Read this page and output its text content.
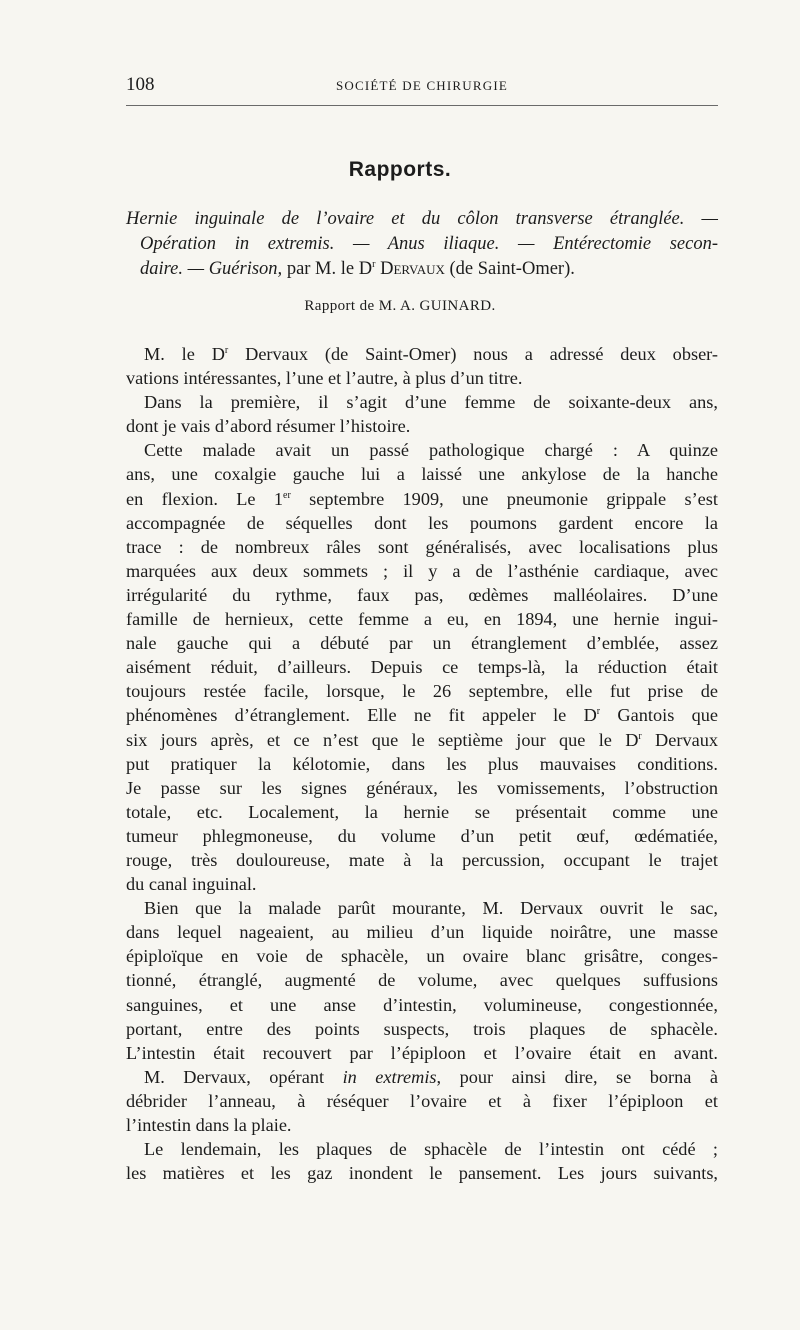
108	SOCIÉTÉ DE CHIRURGIE
Rapports.
Hernie inguinale de l’ovaire et du côlon transverse étranglée. —
Opération in extremis. — Anus iliaque. — Entérectomie secon-
daire. — Guérison, par M. le $D^r$ Dervaux (de Saint-Omer).
Rapport de M. A. GUINARD.
M. le $D^r$ Dervaux (de Saint-Omer) nous a adressé deux obser-
vations intéressantes, l’une et l’autre, à plus d’un titre.
Dans la première, il s’agit d’une femme de soixante-deux ans,
dont je vais d’abord résumer l’histoire.
Cette malade avait un passé pathologique chargé : A quinze
ans, une coxalgie gauche lui a laissé une ankylose de la hanche
en flexion. Le 1er septembre 1909, une pneumonie grippale s’est
accompagnée de séquelles dont les poumons gardent encore la
trace : de nombreux râles sont généralisés, avec localisations plus
marquées aux deux sommets ; il y a de l’asthénie cardiaque, avec
irrégularité du rythme, faux pas, œdèmes malléolaires. D’une
famille de hernieux, cette femme a eu, en 1894, une hernie ingui-
nale gauche qui a débuté par un étranglement d’emblée, assez
aisément réduit, d’ailleurs. Depuis ce temps-là, la réduction était
toujours restée facile, lorsque, le 26 septembre, elle fut prise de
phénomènes d’étranglement. Elle ne fit appeler le $D^r$ Gantois que
six jours après, et ce n’est que le septième jour que le $D^r$ Dervaux
put pratiquer la kélotomie, dans les plus mauvaises conditions.
Je passe sur les signes généraux, les vomissements, l’obstruction
totale, etc. Localement, la hernie se présentait comme une
tumeur phlegmoneuse, du volume d’un petit œuf, œdématiée,
rouge, très douloureuse, mate à la percussion, occupant le trajet
du canal inguinal.
Bien que la malade parût mourante, M. Dervaux ouvrit le sac,
dans lequel nageaient, au milieu d’un liquide noirâtre, une masse
épiploïque en voie de sphacèle, un ovaire blanc grisâtre, conges-
tionné, étranglé, augmenté de volume, avec quelques suffusions
sanguines, et une anse d’intestin, volumineuse, congestionnée,
portant, entre des points suspects, trois plaques de sphacèle.
L’intestin était recouvert par l’épiploon et l’ovaire était en avant.
M. Dervaux, opérant in extremis, pour ainsi dire, se borna à
débrider l’anneau, à réséquer l’ovaire et à fixer l’épiploon et
l’intestin dans la plaie.
Le lendemain, les plaques de sphacèle de l’intestin ont cédé ;
les matières et les gaz inondent le pansement. Les jours suivants,
